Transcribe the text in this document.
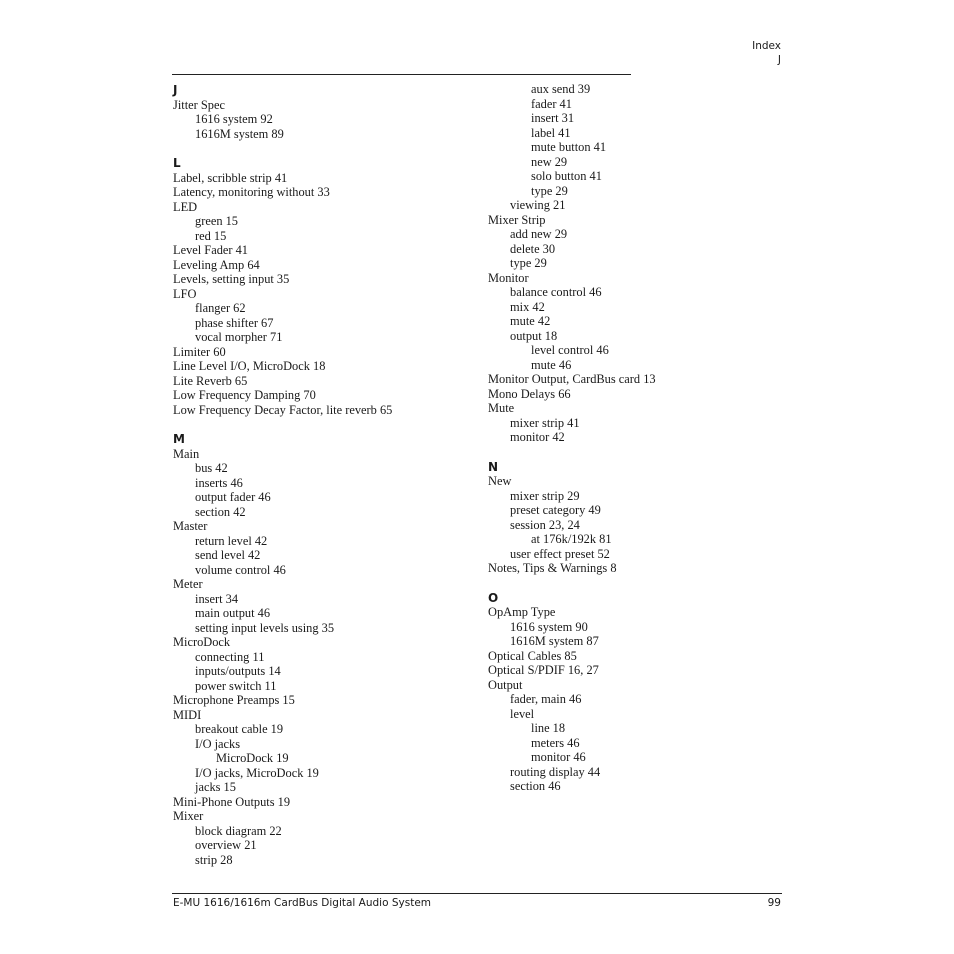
Index
J
J
Jitter Spec
1616 system 92
1616M system 89
L
Label, scribble strip 41
Latency, monitoring without 33
LED
green 15
red 15
Level Fader 41
Leveling Amp 64
Levels, setting input 35
LFO
flanger 62
phase shifter 67
vocal morpher 71
Limiter 60
Line Level I/O, MicroDock 18
Lite Reverb 65
Low Frequency Damping 70
Low Frequency Decay Factor, lite reverb 65
M
Main
bus 42
inserts 46
output fader 46
section 42
Master
return level 42
send level 42
volume control 46
Meter
insert 34
main output 46
setting input levels using 35
MicroDock
connecting 11
inputs/outputs 14
power switch 11
Microphone Preamps 15
MIDI
breakout cable 19
I/O jacks
MicroDock 19
I/O jacks, MicroDock 19
jacks 15
Mini-Phone Outputs 19
Mixer
block diagram 22
overview 21
strip 28
aux send 39
fader 41
insert 31
label 41
mute button 41
new 29
solo button 41
type 29
viewing 21
Mixer Strip
add new 29
delete 30
type 29
Monitor
balance control 46
mix 42
mute 42
output 18
level control 46
mute 46
Monitor Output, CardBus card 13
Mono Delays 66
Mute
mixer strip 41
monitor 42
N
New
mixer strip 29
preset category 49
session 23, 24
at 176k/192k 81
user effect preset 52
Notes, Tips & Warnings 8
O
OpAmp Type
1616 system 90
1616M system 87
Optical Cables 85
Optical S/PDIF 16, 27
Output
fader, main 46
level
line 18
meters 46
monitor 46
routing display 44
section 46
E-MU 1616/1616m CardBus Digital Audio System	99
